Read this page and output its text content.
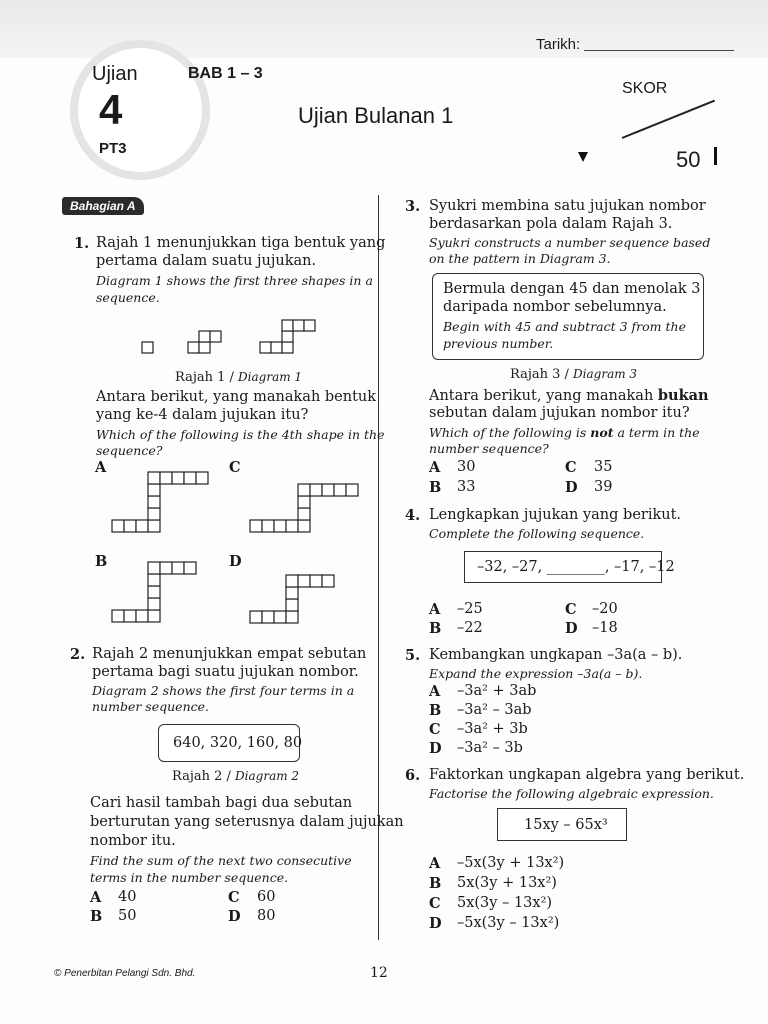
Tarikh:
Ujian
4
PT3
BAB 1 – 3
Ujian Bulanan 1
SKOR
50
Bahagian A
1. Rajah 1 menunjukkan tiga bentuk yang
pertama dalam suatu jujukan.
Diagram 1 shows the first three shapes in a
sequence.
Rajah 1 / Diagram 1
Antara berikut, yang manakah bentuk
yang ke-4 dalam jujukan itu?
Which of the following is the 4th shape in the
sequence?
A	C
B	D
2. Rajah 2 menunjukkan empat sebutan
pertama bagi suatu jujukan nombor.
Diagram 2 shows the first four terms in a
number sequence.
640, 320, 160, 80
Rajah 2 / Diagram 2
Cari hasil tambah bagi dua sebutan
berturutan yang seterusnya dalam jujukan
nombor itu.
Find the sum of the next two consecutive
terms in the number sequence.
A 40	C 60
B 50	D 80
3. Syukri membina satu jujukan nombor
berdasarkan pola dalam Rajah 3.
Syukri constructs a number sequence based
on the pattern in Diagram 3.
Bermula dengan 45 dan menolak 3
daripada nombor sebelumnya.
Begin with 45 and subtract 3 from the
previous number.
Rajah 3 / Diagram 3
Antara berikut, yang manakah bukan
sebutan dalam jujukan nombor itu?
Which of the following is not a term in the
number sequence?
A 30	C 35
B 33	D 39
4. Lengkapkan jujukan yang berikut.
Complete the following sequence.
–32, –27, ________, –17, –12
A –25	C –20
B –22	D –18
5. Kembangkan ungkapan –3a(a – b).
Expand the expression –3a(a – b).
A –3a² + 3ab
B –3a² – 3ab
C –3a² + 3b
D –3a² – 3b
6. Faktorkan ungkapan algebra yang berikut.
Factorise the following algebraic expression.
15xy – 65x³
A –5x(3y + 13x²)
B 5x(3y + 13x²)
C 5x(3y – 13x²)
D –5x(3y – 13x²)
© Penerbitan Pelangi Sdn. Bhd.	12
